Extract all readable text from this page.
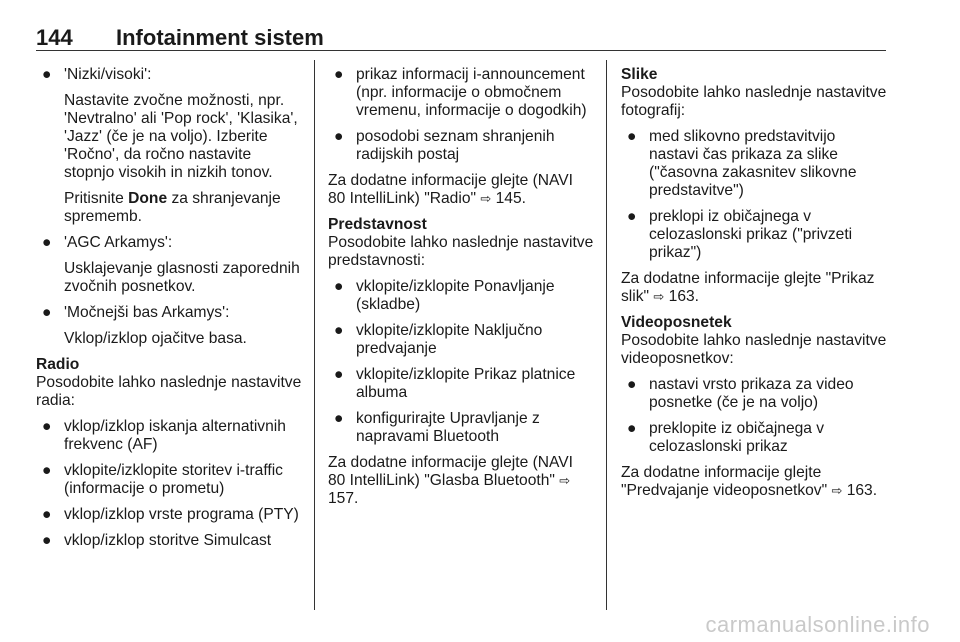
144 Infotainment sistem
● 'Nizki/visoki':

Nastavite zvočne možnosti, npr. 'Nevtralno' ali 'Pop rock', 'Klasika', 'Jazz' (če je na voljo). Izberite 'Ročno', da ročno nastavite stopnjo visokih in nizkih tonov.

Pritisnite Done za shranjevanje sprememb.

● 'AGC Arkamys':

Usklajevanje glasnosti zaporednih zvočnih posnetkov.

● 'Močnejši bas Arkamys':

Vklop/izklop ojačitve basa.

Radio

Posodobite lahko naslednje nastavitve radia:

● vklop/izklop iskanja alternativnih frekvenc (AF)
● vklopite/izklopite storitev i-traffic (informacije o prometu)
● vklop/izklop vrste programa (PTY)
● vklop/izklop storitve Simulcast
● prikaz informacij i-announcement (npr. informacije o območnem vremenu, informacije o dogodkih)
● posodobi seznam shranjenih radijskih postaj

Za dodatne informacije glejte (NAVI 80 IntelliLink) "Radio" ⇨ 145.

Predstavnost

Posodobite lahko naslednje nastavitve predstavnosti:

● vklopite/izklopite Ponavljanje (skladbe)
● vklopite/izklopite Naključno predvajanje
● vklopite/izklopite Prikaz platnice albuma
● konfigurirajte Upravljanje z napravami Bluetooth

Za dodatne informacije glejte (NAVI 80 IntelliLink) "Glasba Bluetooth" ⇨ 157.

Slike

Posodobite lahko naslednje nastavitve fotografij:

● med slikovno predstavitvijo nastavi čas prikaza za slike ("časovna zakasnitev slikovne predstavitve")
● preklopi iz običajnega v celozaslonski prikaz ("privzeti prikaz")

Za dodatne informacije glejte "Prikaz slik" ⇨ 163.

Videoposnetek

Posodobite lahko naslednje nastavitve videoposnetkov:

● nastavi vrsto prikaza za video posnetke (če je na voljo)
● preklopite iz običajnega v celozaslonski prikaz

Za dodatne informacije glejte "Predvajanje videoposnetkov" ⇨ 163.

carmanualsonline.info
